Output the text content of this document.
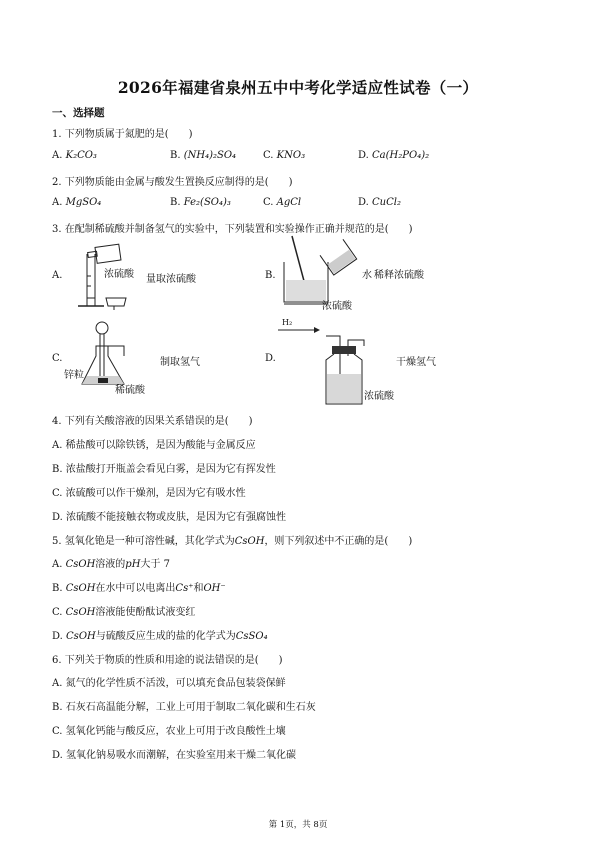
2026年福建省泉州五中中考化学适应性试卷（一）
一、选择题
1. 下列物质属于氮肥的是(　　)
A. K₂CO₃	B. (NH₄)₂SO₄	C. KNO₃	D. Ca(H₂PO₄)₂
2. 下列物质能由金属与酸发生置换反应制得的是(　　)
A. MgSO₄	B. Fe₂(SO₄)₃	C. AgCl	D. CuCl₂
3. 在配制稀硫酸并制备氢气的实验中，下列装置和实验操作正确并规范的是(　　)
A.	浓硫酸 量取浓硫酸	B.	水 稀释浓硫酸
浓硫酸
C.
锌粒
稀硫酸
制取氢气	D.
H₂
浓硫酸
干燥氢气
4. 下列有关酸溶液的因果关系错误的是(　　)
A. 稀盐酸可以除铁锈，是因为酸能与金属反应
B. 浓盐酸打开瓶盖会看见白雾，是因为它有挥发性
C. 浓硫酸可以作干燥剂，是因为它有吸水性
D. 浓硫酸不能接触衣物或皮肤，是因为它有强腐蚀性
5. 氢氧化铯是一种可溶性碱，其化学式为CsOH，则下列叙述中不正确的是(　　)
A. CsOH溶液的pH大于 7
B. CsOH在水中可以电离出Cs⁺和OH⁻
C. CsOH溶液能使酚酞试液变红
D. CsOH与硫酸反应生成的盐的化学式为CsSO₄
6. 下列关于物质的性质和用途的说法错误的是(　　)
A. 氮气的化学性质不活泼，可以填充食品包装袋保鲜
B. 石灰石高温能分解，工业上可用于制取二氧化碳和生石灰
C. 氢氧化钙能与酸反应，农业上可用于改良酸性土壤
D. 氢氧化钠易吸水而潮解，在实验室用来干燥二氧化碳
第 1页，共 8页
